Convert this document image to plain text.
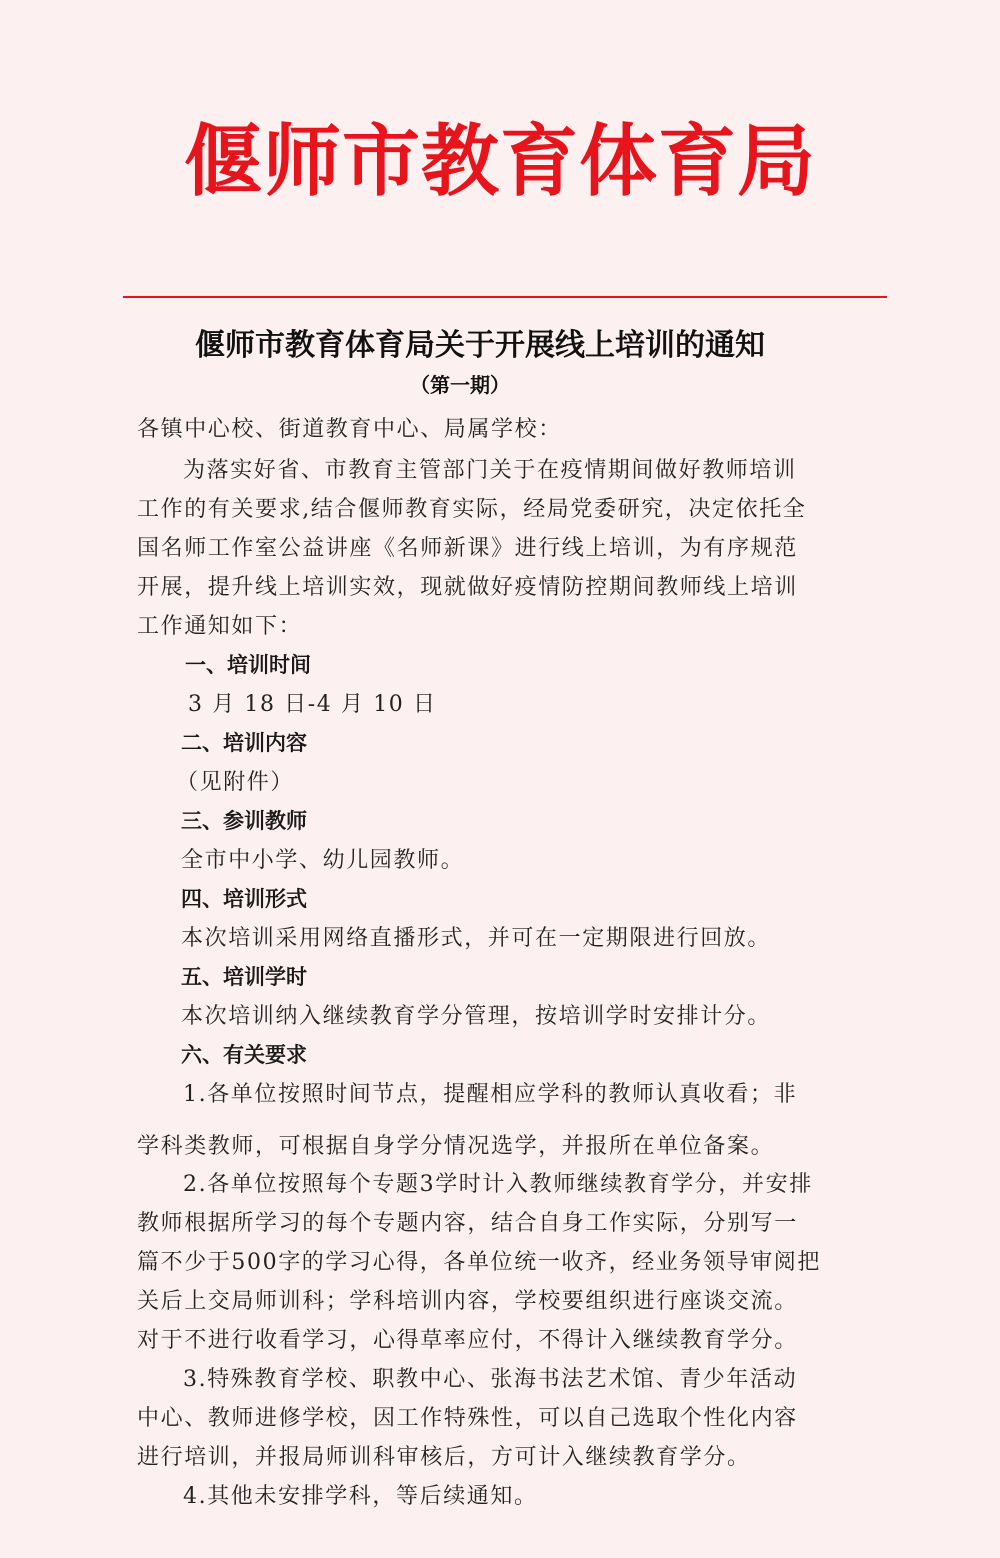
偃师市教育体育局
偃师市教育体育局关于开展线上培训的通知
（第一期）
各镇中心校、街道教育中心、局属学校：
为落实好省、市教育主管部门关于在疫情期间做好教师培训
工作的有关要求,结合偃师教育实际，经局党委研究，决定依托全
国名师工作室公益讲座《名师新课》进行线上培训，为有序规范
开展，提升线上培训实效，现就做好疫情防控期间教师线上培训
工作通知如下：
一、培训时间
3 月 18 日-4 月 10 日
二、培训内容
（见附件）
三、参训教师
全市中小学、幼儿园教师。
四、培训形式
本次培训采用网络直播形式，并可在一定期限进行回放。
五、培训学时
本次培训纳入继续教育学分管理，按培训学时安排计分。
六、有关要求
1.各单位按照时间节点，提醒相应学科的教师认真收看；非
学科类教师，可根据自身学分情况选学，并报所在单位备案。
2.各单位按照每个专题3学时计入教师继续教育学分，并安排
教师根据所学习的每个专题内容，结合自身工作实际，分别写一
篇不少于500字的学习心得，各单位统一收齐，经业务领导审阅把
关后上交局师训科；学科培训内容，学校要组织进行座谈交流。
对于不进行收看学习，心得草率应付，不得计入继续教育学分。
3.特殊教育学校、职教中心、张海书法艺术馆、青少年活动
中心、教师进修学校，因工作特殊性，可以自己选取个性化内容
进行培训，并报局师训科审核后，方可计入继续教育学分。
4.其他未安排学科，等后续通知。
